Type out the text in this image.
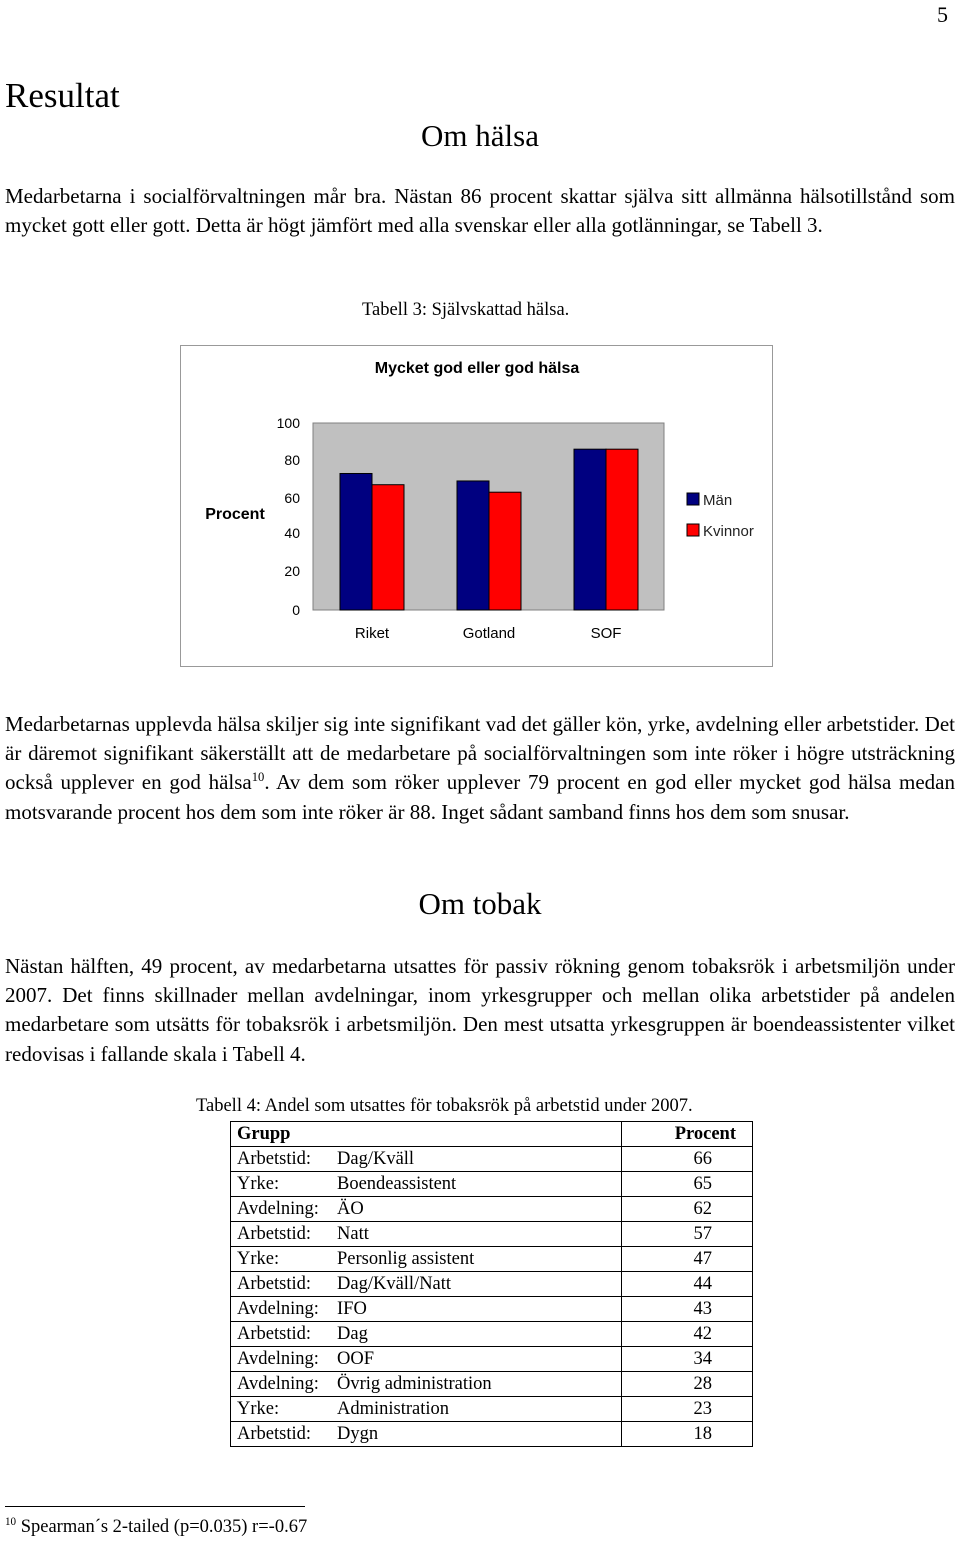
5
Resultat
Om hälsa
Medarbetarna i socialförvaltningen mår bra. Nästan 86 procent skattar själva sitt allmänna hälsotillstånd som mycket gott eller gott. Detta är högt jämfört med alla svenskar eller alla gotlänningar, se Tabell 3.
Tabell 3: Självskattad hälsa.
Mycket god eller god hälsa
Procent
100
80
60
40
20
0
Riket	Gotland	SOF
Män
Kvinnor
Medarbetarnas upplevda hälsa skiljer sig inte signifikant vad det gäller kön, yrke, avdelning eller arbetstider. Det är däremot signifikant säkerställt att de medarbetare på socialförvaltningen som inte röker i högre utsträckning också upplever en god hälsa$^{10}$. Av dem som röker upplever 79 procent en god eller mycket god hälsa medan motsvarande procent hos dem som inte röker är 88. Inget sådant samband finns hos dem som snusar.
Om tobak
Nästan hälften, 49 procent, av medarbetarna utsattes för passiv rökning genom tobaksrök i arbetsmiljön under 2007. Det finns skillnader mellan avdelningar, inom yrkesgrupper och mellan olika arbetstider på andelen medarbetare som utsätts för tobaksrök i arbetsmiljön. Den mest utsatta yrkesgruppen är boendeassistenter vilket redovisas i fallande skala i Tabell 4.
Tabell 4: Andel som utsattes för tobaksrök på arbetstid under 2007.
Grupp		Procent
Arbetstid:	Dag/Kväll	66
Yrke:	Boendeassistent	65
Avdelning:	ÄO	62
Arbetstid:	Natt	57
Yrke:	Personlig assistent	47
Arbetstid:	Dag/Kväll/Natt	44
Avdelning:	IFO	43
Arbetstid:	Dag	42
Avdelning:	OOF	34
Avdelning:	Övrig administration	28
Yrke:	Administration	23
Arbetstid:	Dygn	18
$^{10}$ Spearman´s 2-tailed (p=0.035) r=-0.67
